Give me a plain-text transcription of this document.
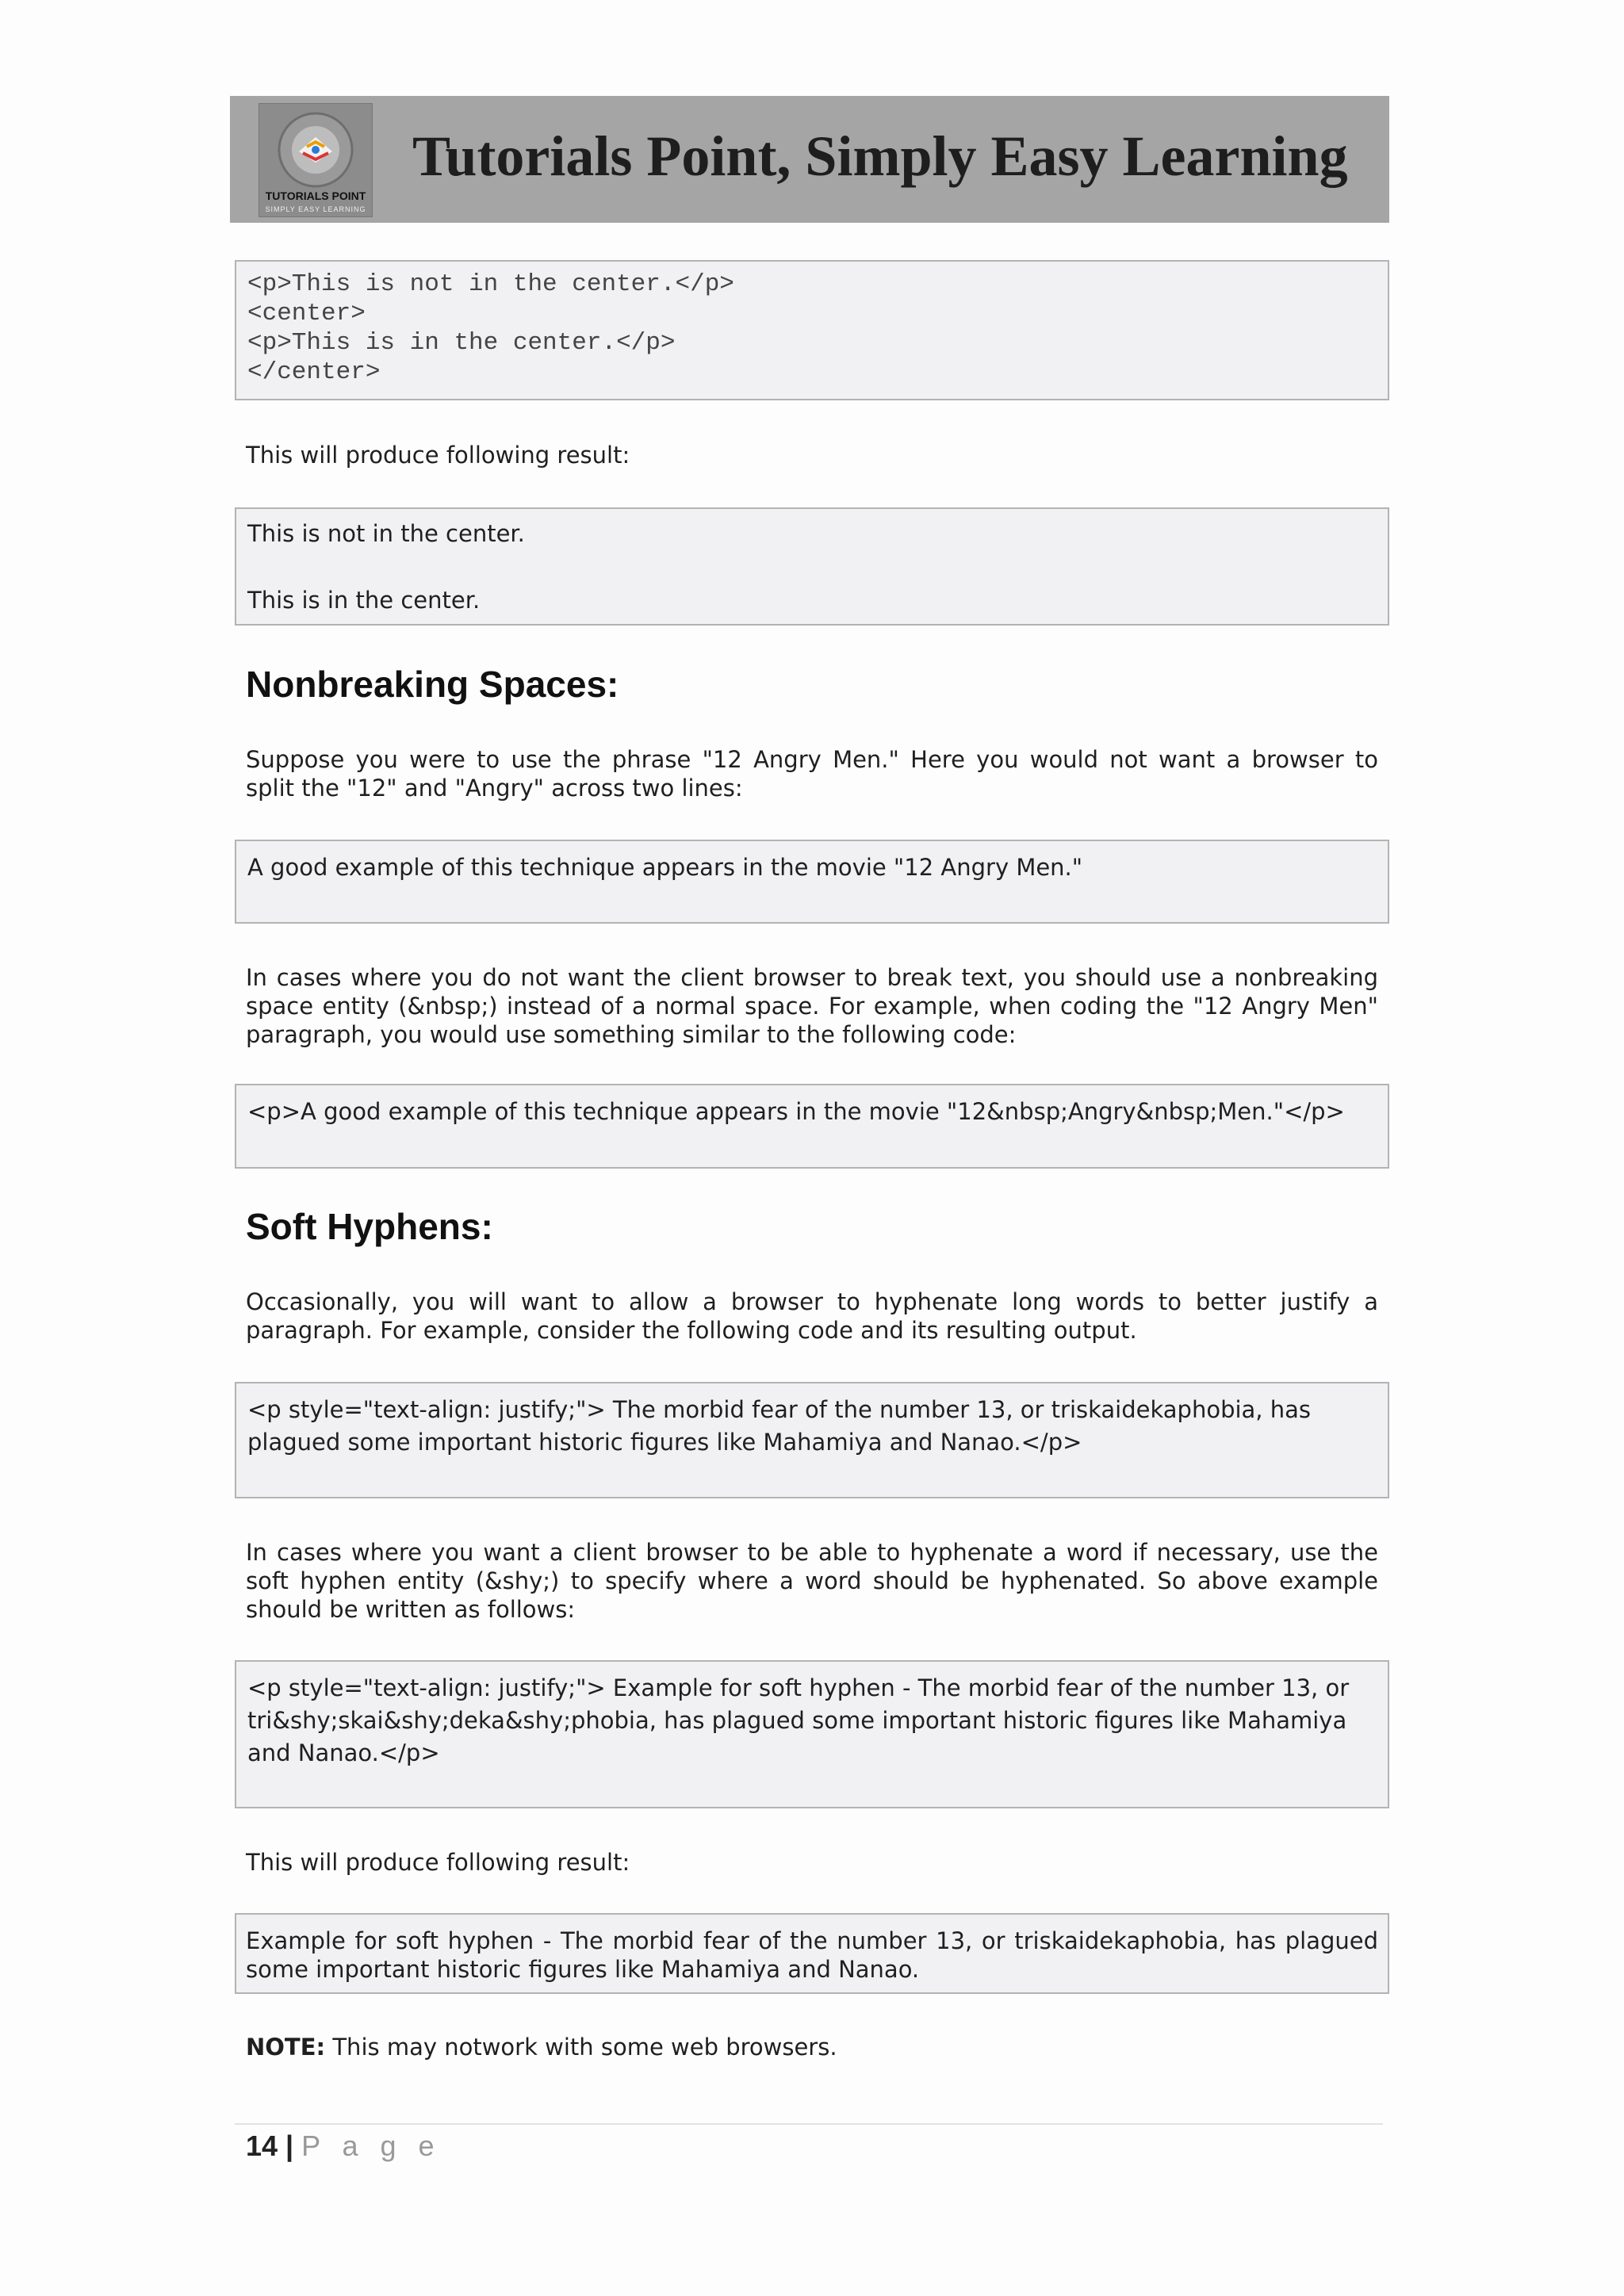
TUTORIALS POINT
SIMPLY EASY LEARNING
Tutorials Point, Simply Easy Learning
<p>This is not in the center.</p>
<center>
<p>This is in the center.</p>
</center>
This will produce following result:
This is not in the center.
This is in the center.
Nonbreaking Spaces:
Suppose you were to use the phrase "12 Angry Men." Here you would not want a browser to
split the "12" and "Angry" across two lines:
A good example of this technique appears in the movie "12 Angry Men."
In cases where you do not want the client browser to break text, you should use a nonbreaking
space entity (&nbsp;) instead of a normal space. For example, when coding the "12 Angry Men"
paragraph, you would use something similar to the following code:
<p>A good example of this technique appears in the movie "12&nbsp;Angry&nbsp;Men."</p>
Soft Hyphens:
Occasionally, you will want to allow a browser to hyphenate long words to better justify a
paragraph. For example, consider the following code and its resulting output.
<p style="text-align: justify;"> The morbid fear of the number 13, or triskaidekaphobia, has
plagued some important historic figures like Mahamiya and Nanao.</p>
In cases where you want a client browser to be able to hyphenate a word if necessary, use the
soft hyphen entity (&shy;) to specify where a word should be hyphenated. So above example
should be written as follows:
<p style="text-align: justify;"> Example for soft hyphen - The morbid fear of the number 13, or
tri&shy;skai&shy;deka&shy;phobia, has plagued some important historic figures like Mahamiya
and Nanao.</p>
This will produce following result:
Example for soft hyphen - The morbid fear of the number 13, or triskaidekaphobia, has plagued
some important historic figures like Mahamiya and Nanao.
NOTE: This may notwork with some web browsers.
14 | P a g e
